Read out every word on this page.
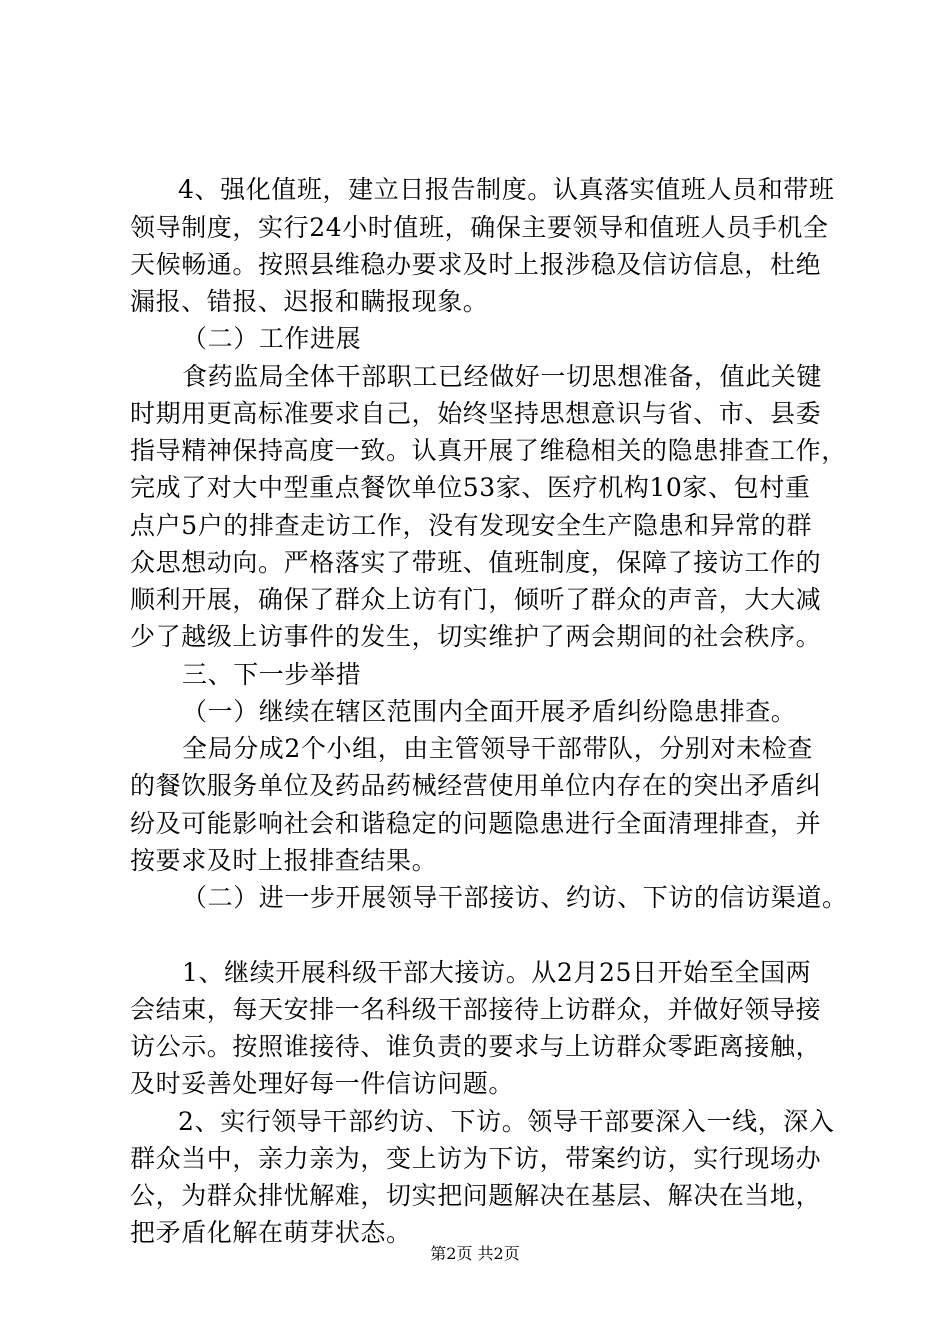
4、强化值班，建立日报告制度。认真落实值班人员和带班
领导制度，实行24小时值班，确保主要领导和值班人员手机全
天候畅通。按照县维稳办要求及时上报涉稳及信访信息，杜绝
漏报、错报、迟报和瞒报现象。
（二）工作进展
食药监局全体干部职工已经做好一切思想准备，值此关键
时期用更高标准要求自己，始终坚持思想意识与省、市、县委
指导精神保持高度一致。认真开展了维稳相关的隐患排查工作，
完成了对大中型重点餐饮单位53家、医疗机构10家、包村重
点户5户的排查走访工作，没有发现安全生产隐患和异常的群
众思想动向。严格落实了带班、值班制度，保障了接访工作的
顺利开展，确保了群众上访有门，倾听了群众的声音，大大减
少了越级上访事件的发生，切实维护了两会期间的社会秩序。
三、下一步举措
（一）继续在辖区范围内全面开展矛盾纠纷隐患排查。
全局分成2个小组，由主管领导干部带队，分别对未检查
的餐饮服务单位及药品药械经营使用单位内存在的突出矛盾纠
纷及可能影响社会和谐稳定的问题隐患进行全面清理排查，并
按要求及时上报排查结果。
（二）进一步开展领导干部接访、约访、下访的信访渠道。
1、继续开展科级干部大接访。从2月25日开始至全国两
会结束，每天安排一名科级干部接待上访群众，并做好领导接
访公示。按照谁接待、谁负责的要求与上访群众零距离接触，
及时妥善处理好每一件信访问题。
2、实行领导干部约访、下访。领导干部要深入一线，深入
群众当中，亲力亲为，变上访为下访，带案约访，实行现场办
公，为群众排忧解难，切实把问题解决在基层、解决在当地，
把矛盾化解在萌芽状态。
第2页 共2页
